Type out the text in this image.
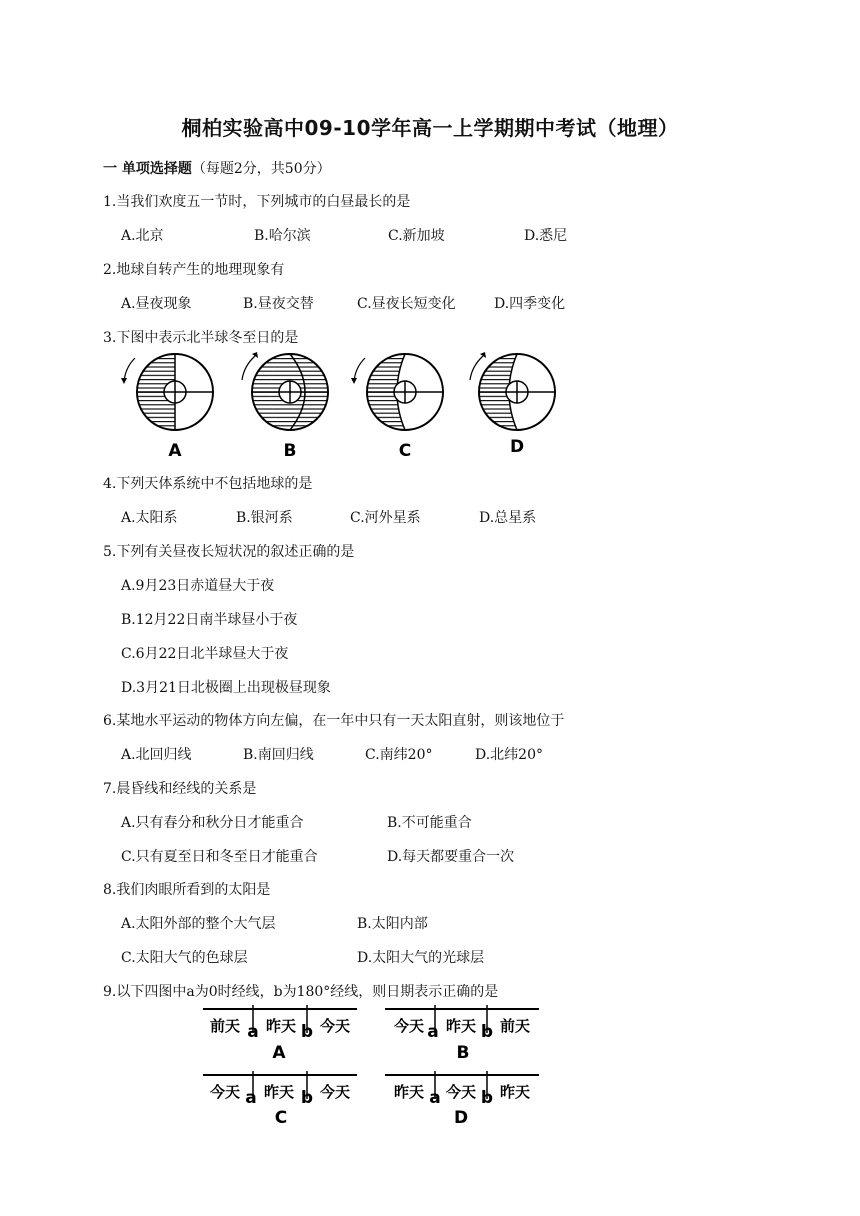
桐柏实验高中09-10学年高一上学期期中考试（地理）
一 单项选择题（每题2分，共50分）
1.当我们欢度五一节时，下列城市的白昼最长的是
A.北京	B.哈尔滨	C.新加坡	D.悉尼
2.地球自转产生的地理现象有
A.昼夜现象	B.昼夜交替	C.昼夜长短变化	D.四季变化
3.下图中表示北半球冬至日的是
A	B	C	D
4.下列天体系统中不包括地球的是
A.太阳系	B.银河系	C.河外星系	D.总星系
5.下列有关昼夜长短状况的叙述正确的是
A.9月23日赤道昼大于夜
B.12月22日南半球昼小于夜
C.6月22日北半球昼大于夜
D.3月21日北极圈上出现极昼现象
6.某地水平运动的物体方向左偏，在一年中只有一天太阳直射，则该地位于
A.北回归线	B.南回归线	C.南纬20°	D.北纬20°
7.晨昏线和经线的关系是
A.只有春分和秋分日才能重合	B.不可能重合
C.只有夏至日和冬至日才能重合	D.每天都要重合一次
8.我们肉眼所看到的太阳是
A.太阳外部的整个大气层	B.太阳内部
C.太阳大气的色球层	D.太阳大气的光球层
9.以下四图中a为0时经线，b为180°经线，则日期表示正确的是
前天 a 昨天 b 今天
A
今天 a 昨天 b 前天
B
今天 a 昨天 b 今天
C
昨天 a 今天 b 昨天
D
